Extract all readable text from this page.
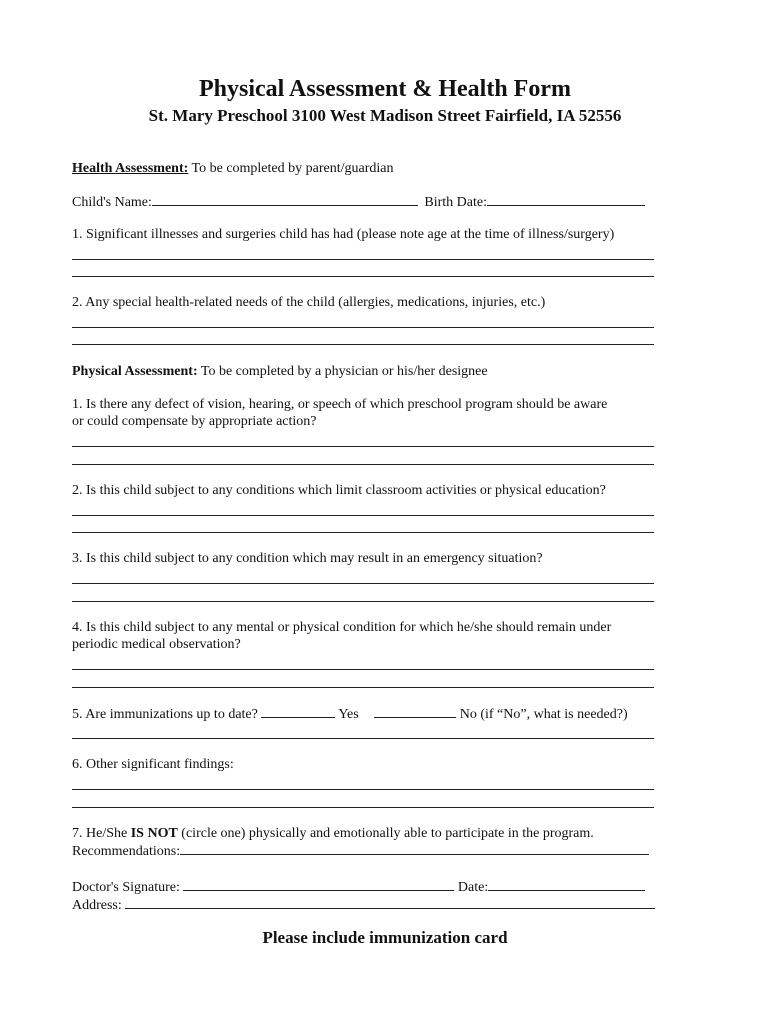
Physical Assessment & Health Form
St. Mary Preschool 3100 West Madison Street Fairfield, IA 52556
Health Assessment: To be completed by parent/guardian
Child's Name:	Birth Date:
1. Significant illnesses and surgeries child has had (please note age at the time of illness/surgery)
2. Any special health-related needs of the child (allergies, medications, injuries, etc.)
Physical Assessment: To be completed by a physician or his/her designee
1. Is there any defect of vision, hearing, or speech of which preschool program should be aware
or could compensate by appropriate action?
2. Is this child subject to any conditions which limit classroom activities or physical education?
3. Is this child subject to any condition which may result in an emergency situation?
4. Is this child subject to any mental or physical condition for which he/she should remain under
periodic medical observation?
5. Are immunizations up to date?	Yes	No (if “No”, what is needed?)
6. Other significant findings:
7. He/She IS NOT (circle one) physically and emotionally able to participate in the program.
Recommendations:
Doctor's Signature:	Date:
Address:
Please include immunization card
